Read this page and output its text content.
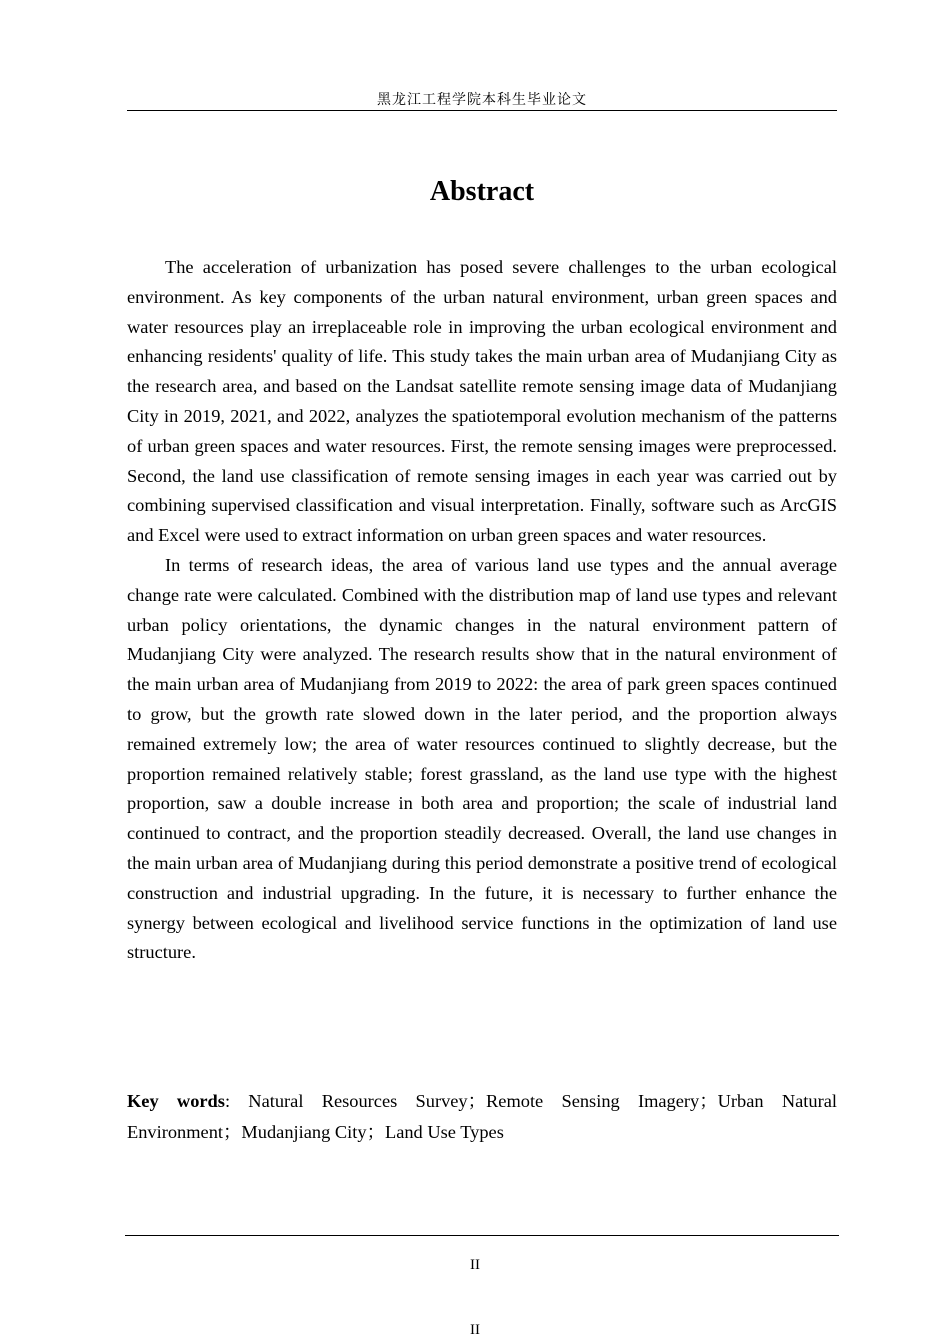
黑龙江工程学院本科生毕业论文
Abstract

The acceleration of urbanization has posed severe challenges to the urban ecological environment. As key components of the urban natural environment, urban green spaces and water resources play an irreplaceable role in improving the urban ecological environment and enhancing residents' quality of life. This study takes the main urban area of Mudanjiang City as the research area, and based on the Landsat satellite remote sensing image data of Mudanjiang City in 2019, 2021, and 2022, analyzes the spatiotemporal evolution mechanism of the patterns of urban green spaces and water resources. First, the remote sensing images were preprocessed. Second, the land use classification of remote sensing images in each year was carried out by combining supervised classification and visual interpretation. Finally, software such as ArcGIS and Excel were used to extract information on urban green spaces and water resources.

In terms of research ideas, the area of various land use types and the annual average change rate were calculated. Combined with the distribution map of land use types and relevant urban policy orientations, the dynamic changes in the natural environment pattern of Mudanjiang City were analyzed. The research results show that in the natural environment of the main urban area of Mudanjiang from 2019 to 2022: the area of park green spaces continued to grow, but the growth rate slowed down in the later period, and the proportion always remained extremely low; the area of water resources continued to slightly decrease, but the proportion remained relatively stable; forest grassland, as the land use type with the highest proportion, saw a double increase in both area and proportion; the scale of industrial land continued to contract, and the proportion steadily decreased. Overall, the land use changes in the main urban area of Mudanjiang during this period demonstrate a positive trend of ecological construction and industrial upgrading. In the future, it is necessary to further enhance the synergy between ecological and livelihood service functions in the optimization of land use structure.

Key words: Natural Resources Survey；Remote Sensing Imagery；Urban Natural Environment；Mudanjiang City；Land Use Types
II
II
